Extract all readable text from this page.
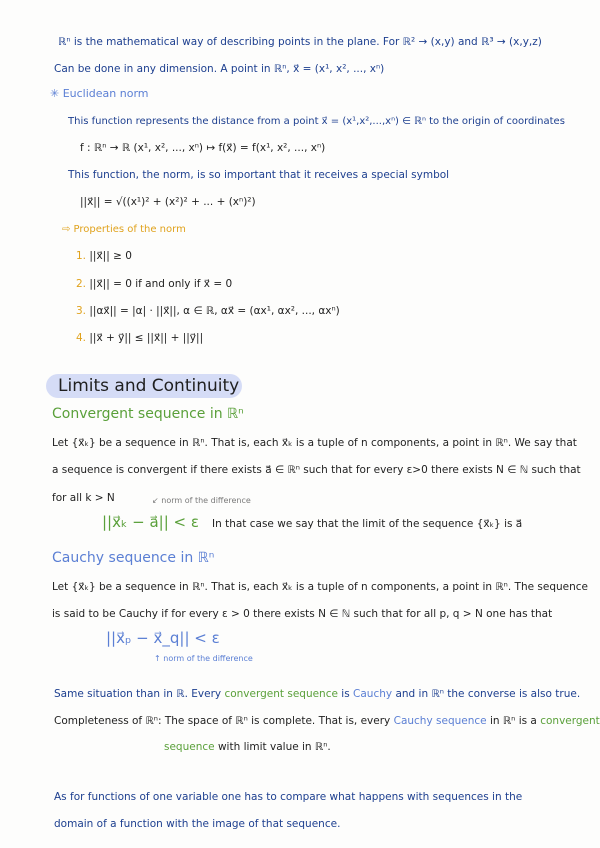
ℝⁿ is the mathematical way of describing points in the plane. For ℝ² → (x,y) and ℝ³ → (x,y,z)
Can be done in any dimension. A point in ℝⁿ, x⃗ = (x¹, x², ..., xⁿ)
✳ Euclidean norm
This function represents the distance from a point x⃗ = (x¹,x²,...,xⁿ) ∈ ℝⁿ to the origin of coordinates
f : ℝⁿ → ℝ (x¹, x², ..., xⁿ) ↦ f(x⃗) = f(x¹, x², ..., xⁿ)
This function, the norm, is so important that it receives a special symbol
||x⃗|| = √((x¹)² + (x²)² + ... + (xⁿ)²)
⇨ Properties of the norm
1. ||x⃗|| ≥ 0
2. ||x⃗|| = 0 if and only if x⃗ = 0
3. ||αx⃗|| = |α| · ||x⃗||, α ∈ ℝ, αx⃗ = (αx¹, αx², ..., αxⁿ)
4. ||x⃗ + y⃗|| ≤ ||x⃗|| + ||y⃗||
Limits and Continuity
Convergent sequence in ℝⁿ
Let {x⃗ₖ} be a sequence in ℝⁿ. That is, each x⃗ₖ is a tuple of n components, a point in ℝⁿ. We say that
a sequence is convergent if there exists a⃗ ∈ ℝⁿ such that for every ε>0 there exists N ∈ ℕ such that
for all k > N	↙ norm of the difference
||x⃗ₖ − a⃗|| < ε In that case we say that the limit of the sequence {x⃗ₖ} is a⃗
Cauchy sequence in ℝⁿ
Let {x⃗ₖ} be a sequence in ℝⁿ. That is, each x⃗ₖ is a tuple of n components, a point in ℝⁿ. The sequence
is said to be Cauchy if for every ε > 0 there exists N ∈ ℕ such that for all p, q > N one has that
||x⃗ₚ − x⃗_q|| < ε
↑ norm of the difference
Same situation than in ℝ. Every convergent sequence is Cauchy and in ℝⁿ the converse is also true.
Completeness of ℝⁿ: The space of ℝⁿ is complete. That is, every Cauchy sequence in ℝⁿ is a convergent
sequence with limit value in ℝⁿ.
As for functions of one variable one has to compare what happens with sequences in the
domain of a function with the image of that sequence.
